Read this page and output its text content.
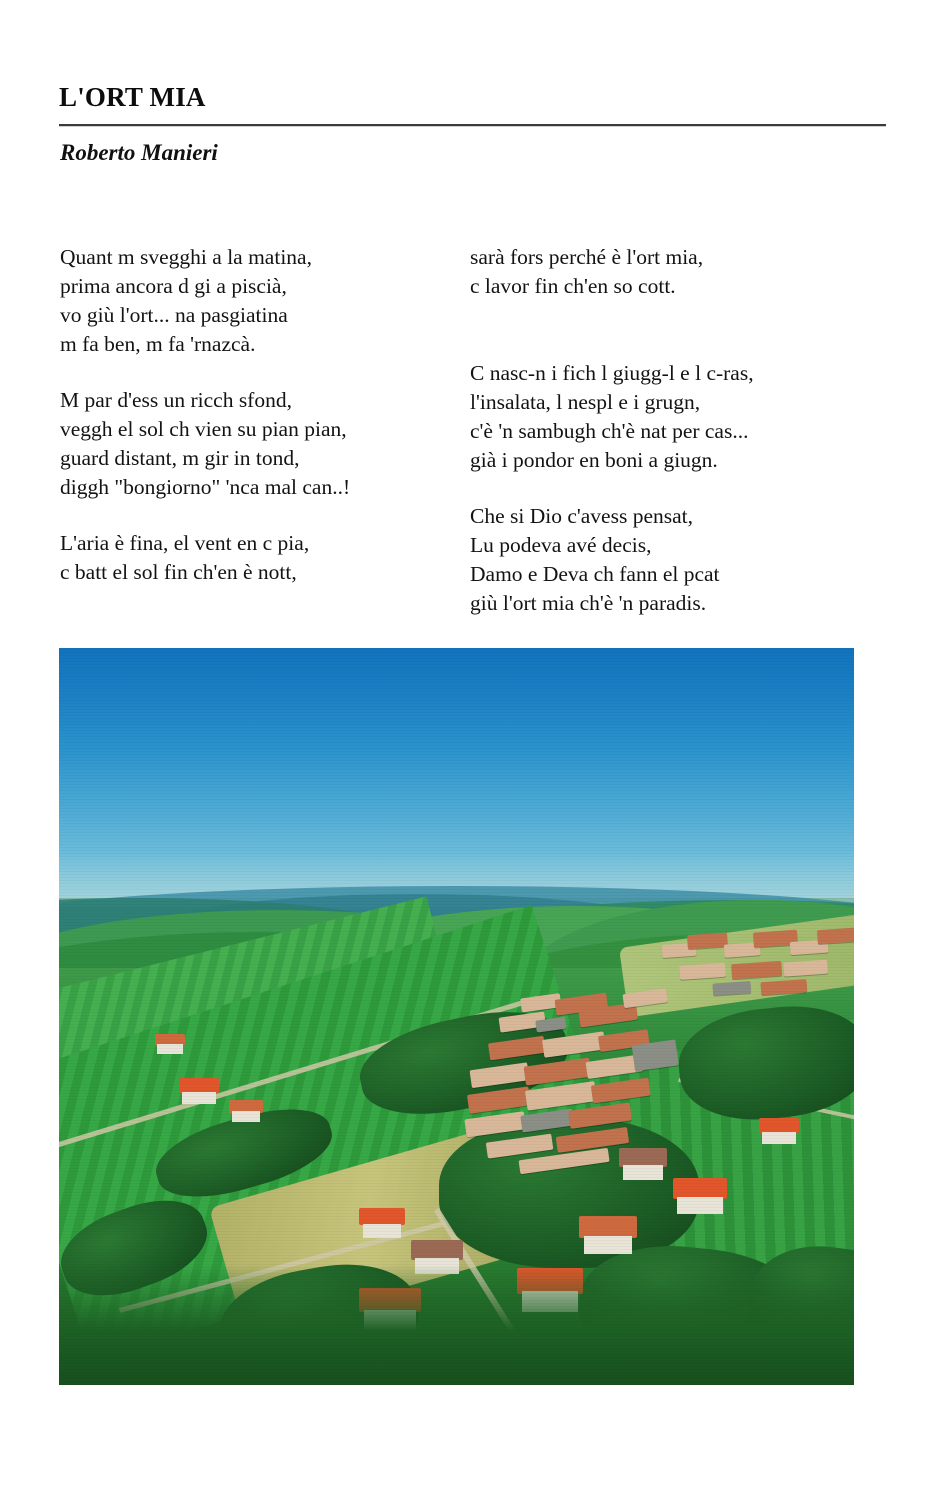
L'ORT MIA
Roberto Manieri
Quant m svegghi a la matina,
prima ancora d gi a piscià,
vo giù l'ort... na pasgiatina
m fa ben, m fa 'rnazcà.
M par d'ess un ricch sfond,
veggh el sol ch vien su pian pian,
guard distant, m gir in tond,
diggh "bongiorno" 'nca mal can..!
L'aria è fina, el vent en c pia,
c batt el sol fin ch'en è nott,
sarà fors perché è l'ort mia,
c lavor fin ch'en so cott.
C nasc-n i fich l giugg-l e l c-ras,
l'insalata, l nespl e i grugn,
c'è 'n sambugh ch'è nat per cas...
già i pondor en boni a giugn.
Che si Dio c'avess pensat,
Lu podeva avé decis,
Damo e Deva ch fann el pcat
giù l'ort mia ch'è 'n paradis.
